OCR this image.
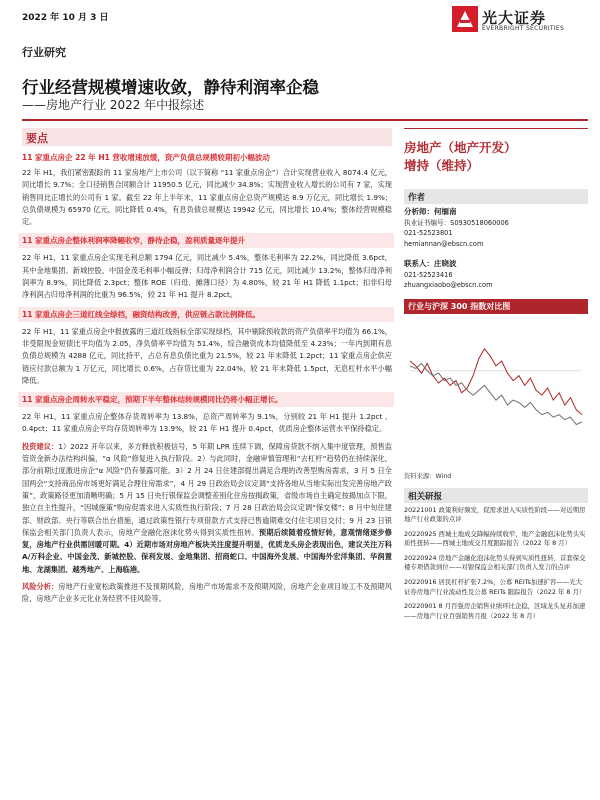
2022 年 10 月 3 日	光大证券
EVERBRIGHT SECURITIES
行业研究
行业经营规模增速收敛，静待利润率企稳
——房地产行业 2022 年中报综述
要点
11 家重点房企 22 年 H1 营收增速放缓，资产负债总规模较期初小幅波动
22 年 H1，我们紧密跟踪的 11 家房地产上市公司（以下简称 “11 家重点房企”）合计实现营业收入 8074.4 亿元，同比增长 9.7%；全口径销售合同额合计 11950.5 亿元，同比减少 34.8%；实现营业收入增长的公司有 7 家，实现销售同比正增长的公司有 1 家。截至 22 年上半年末，11 家重点房企总资产规模达 8.9 万亿元，同比增长 1.9%；总负债规模为 65970 亿元，同比降低 0.4%，有息负债总规模达 19942 亿元，同比增长 10.4%；整体经营规模稳定。
11 家重点房企整体利润率降幅收窄，静待企稳，盈利质量逐年提升
22 年 H1，11 家重点房企实现毛利总额 1794 亿元，同比减少 5.4%，整体毛利率为 22.2%，同比降低 3.6pct，其中金地集团、新城控股、中国金茂毛利率小幅反弹；归母净利润合计 715 亿元，同比减少 13.2%，整体归母净利润率为 8.9%，同比降低 2.3pct；整体 ROE（归母、摊薄口径）为 4.80%，较 21 年 H1 降低 1.1pct；扣非归母净利润占归母净利润的比重为 96.5%，较 21 年 H1 提升 8.2pct。
11 家重点房企三道红线全绿档，融资结构改善，供应链占款比例降低。
22 年 H1，11 家重点房企中报披露的三道红线指标全部实现绿档，其中剔除预收款的资产负债率平均值为 66.1%，非受限现金短债比平均值为 2.05，净负债率平均值为 51.4%，综合融资成本均值降低至 4.23%；一年内到期有息负债总规模为 4288 亿元，同比持平，占总有息负债比重为 21.5%，较 21 年末降低 1.2pct；11 家重点房企供应链应付款总额为 1 万亿元，同比增长 0.6%，占存货比重为 22.04%，较 21 年末降低 1.5pct，无息杠杆水平小幅降低。
11 家重点房企周转水平稳定，预期下半年整体结转规模同比仍将小幅正增长。
22 年 H1，11 家重点房企整体存货周转率为 13.8%，总资产周转率为 9.1%，分别较 21 年 H1 提升 1.2pct 、0.4pct；11 家重点房企平均存货周转率为 13.9%，较 21 年 H1 提升 0.4pct，优质房企整体运营水平保持稳定。
投资建议：1）2022 开年以来，多方释放积极信号，5 年期 LPR 连续下调，保障房贷款不纳入集中度管理，预售监管资金新办法结构纠偏，“α 风险”修复进入执行阶段。2）与此同时，金融审慎管理和“去杠杆”趋势仍在持续深化，部分前期过度激进房企“α 风险”仍有暴露可能。3）2 月 24 日住建部提出满足合理的改善型购房需求，3 月 5 日全国两会“支持商品房市场更好满足合理住房需求”，4 月 29 日政治局会议定调“支持各地从当地实际出发完善房地产政策”，政策路径更加清晰明确；5 月 15 日央行银保监会调整差别化住房按揭政策，省级市场自主确定按揭加点下限，独立自主性提升，“因城施策”购房促需求进入实质性执行阶段；7 月 28 日政治局会议定调“保交楼”；8 月中旬住建部、财政部、央行等联合出台措施，通过政策性银行专项借款方式支持已售逾期难交付住宅项目交付；9 月 23 日银保监会相关部门负责人表示，房地产金融化泡沫化势头得到实质性扭转。预期后续随着疫情好转，意观情绪逐步修复，房地产行业供需回暖可期。4）近期市场对房地产板块关注度提升明显，优质龙头房企表现出色，建议关注万科 A/万科企业、中国金茂、新城控股、保利发展、金地集团、招商蛇口、中国海外发展、中国海外宏洋集团、华润置地、龙湖集团、越秀地产、上海临港。
风险分析：房地产行业宽松政策推进不及预期风险，房地产市场需求不及预期风险，房地产企业项目竣工不及预期风险，房地产企业多元化业务经营不佳风险等。
房地产（地产开发）
增持（维持）
作者
分析师：何缅南
执业证书编号：S0930518060006
021-52523801
hemiannan@ebscn.com
联系人：庄晓波
021-52523416
zhuangxiaobo@ebscn.com
行业与沪深 300 指数对比图
资料来源：Wind
相关研报
20221001 政策利好频发，促需求进入实质性阶段——对近期房地产行业政策的点评
20220925 西城土地成交降幅持续收窄，地产金融泡沫化势头实质性扭转——西城土地成交月度跟踪报告（2022 年 8 月）
20220924 房地产金融化泡沫化势头得到实质性扭转，首套保交楼专项借款到位——对银保监会相关部门负责人发言的点评
20220916 居民杠杆扩张7.2%，公募 REITs加速扩容——光大证券房地产行业流动性及公募 REITs 跟踪报告（2022 年 8 月）
20220901 8 月百强房企销售业绩环比企稳，区域龙头复苏加速——房地产行业百强销售月报（2022 年 8 月）
